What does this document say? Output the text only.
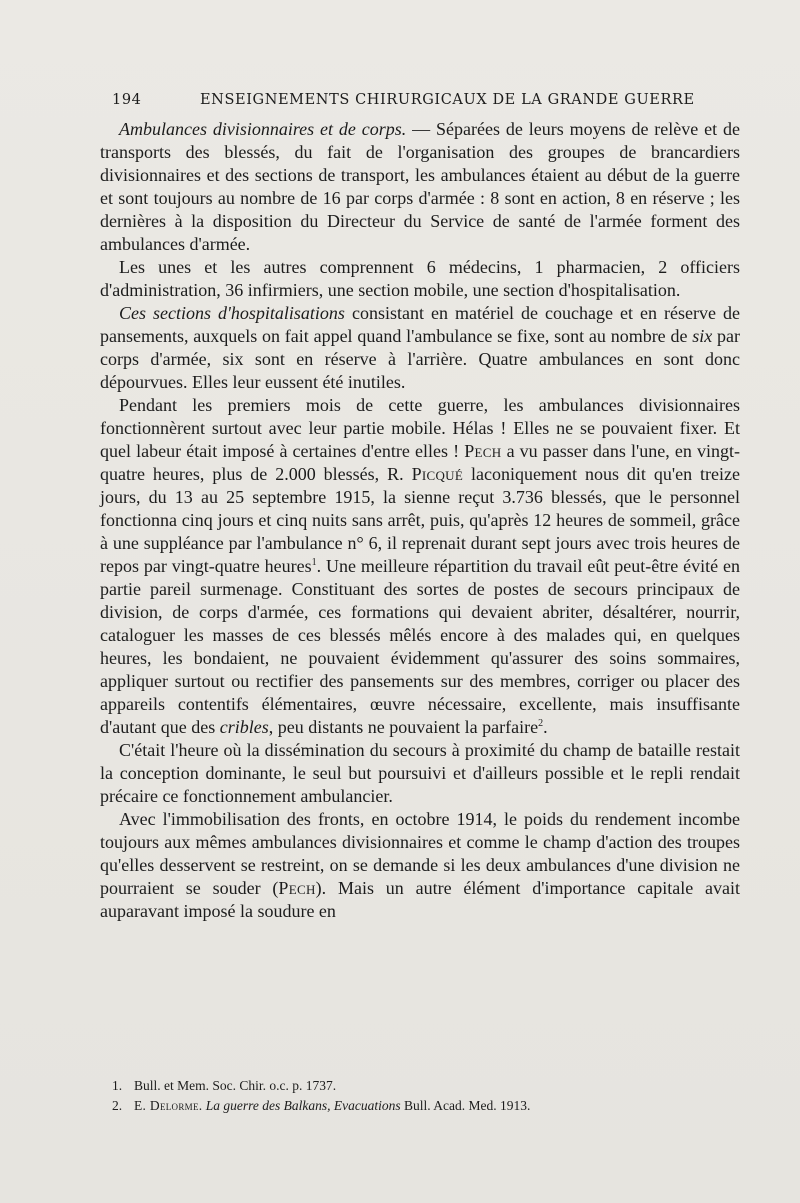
194	ENSEIGNEMENTS CHIRURGICAUX DE LA GRANDE GUERRE

Ambulances divisionnaires et de corps. — Séparées de leurs moyens de relève et de transports des blessés, du fait de l'organisation des groupes de brancardiers divisionnaires et des sections de transport, les ambulances étaient au début de la guerre et sont toujours au nombre de 16 par corps d'armée : 8 sont en action, 8 en réserve ; les dernières à la disposition du Directeur du Service de santé de l'armée forment des ambulances d'armée.

Les unes et les autres comprennent 6 médecins, 1 pharmacien, 2 officiers d'administration, 36 infirmiers, une section mobile, une section d'hospitalisation.

Ces sections d'hospitalisations consistant en matériel de couchage et en réserve de pansements, auxquels on fait appel quand l'ambulance se fixe, sont au nombre de six par corps d'armée, six sont en réserve à l'arrière. Quatre ambulances en sont donc dépourvues. Elles leur eussent été inutiles.

Pendant les premiers mois de cette guerre, les ambulances divisionnaires fonctionnèrent surtout avec leur partie mobile. Hélas ! Elles ne se pouvaient fixer. Et quel labeur était imposé à certaines d'entre elles ! Pech a vu passer dans l'une, en vingt-quatre heures, plus de 2.000 blessés, R. Picqué laconiquement nous dit qu'en treize jours, du 13 au 25 septembre 1915, la sienne reçut 3.736 blessés, que le personnel fonctionna cinq jours et cinq nuits sans arrêt, puis, qu'après 12 heures de sommeil, grâce à une suppléance par l'ambulance n° 6, il reprenait durant sept jours avec trois heures de repos par vingt-quatre heures$^1$. Une meilleure répartition du travail eût peut-être évité en partie pareil surmenage. Constituant des sortes de postes de secours principaux de division, de corps d'armée, ces formations qui devaient abriter, désaltérer, nourrir, cataloguer les masses de ces blessés mêlés encore à des malades qui, en quelques heures, les bondaient, ne pouvaient évidemment qu'assurer des soins sommaires, appliquer surtout ou rectifier des pansements sur des membres, corriger ou placer des appareils contentifs élémentaires, œuvre nécessaire, excellente, mais insuffisante d'autant que des cribles, peu distants ne pouvaient la parfaire$^2$.

C'était l'heure où la dissémination du secours à proximité du champ de bataille restait la conception dominante, le seul but poursuivi et d'ailleurs possible et le repli rendait précaire ce fonctionnement ambulancier.

Avec l'immobilisation des fronts, en octobre 1914, le poids du rendement incombe toujours aux mêmes ambulances divisionnaires et comme le champ d'action des troupes qu'elles desservent se restreint, on se demande si les deux ambulances d'une division ne pourraient se souder (Pech). Mais un autre élément d'importance capitale avait auparavant imposé la soudure en

1. Bull. et Mem. Soc. Chir. o.c. p. 1737.
2. E. Delorme. La guerre des Balkans, Evacuations Bull. Acad. Med. 1913.
